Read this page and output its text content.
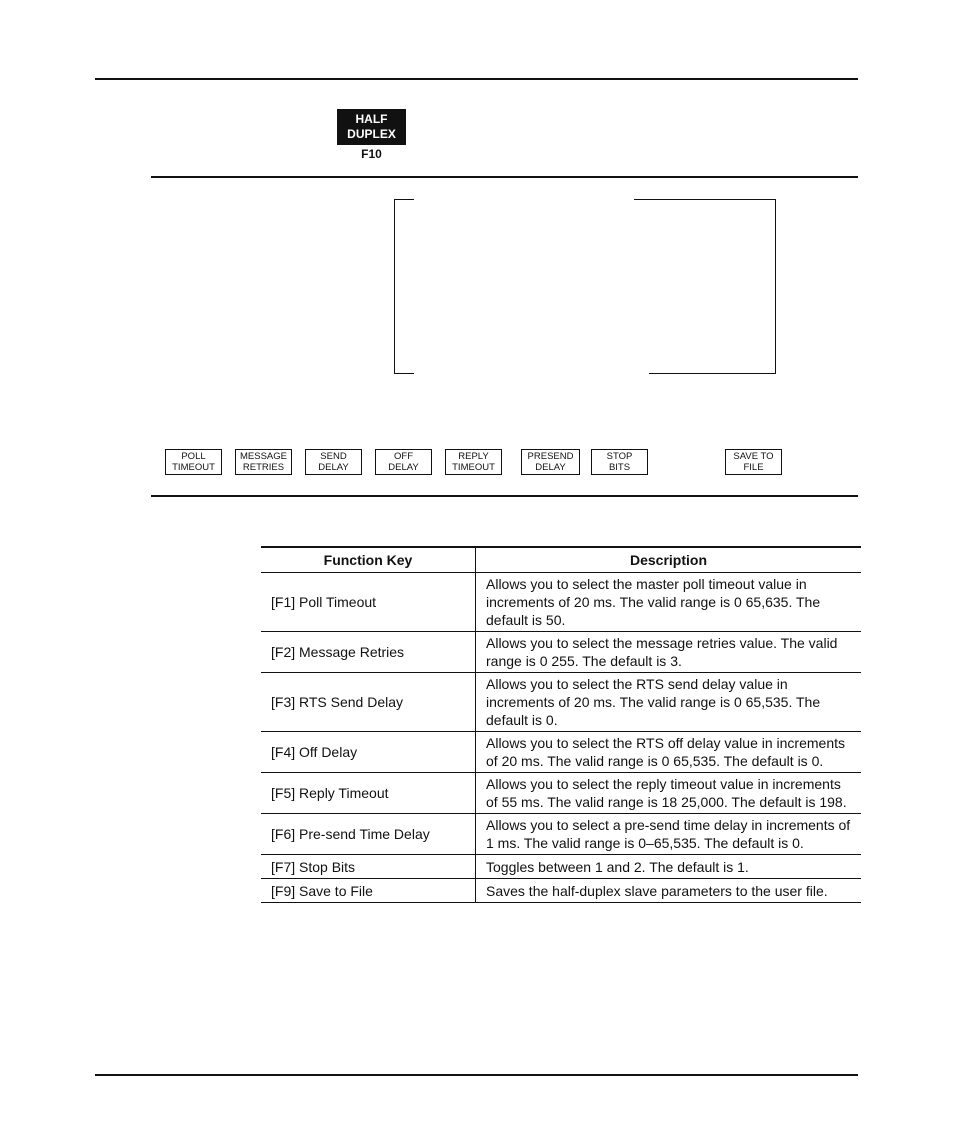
HALF
DUPLEX
F10
POLL
TIMEOUT
MESSAGE
RETRIES
SEND
DELAY
OFF
DELAY
REPLY
TIMEOUT
PRESEND
DELAY
STOP
BITS
SAVE TO
FILE
Function Key	Description
[F1] Poll Timeout	Allows you to select the master poll timeout value in increments of 20 ms. The valid range is 0 65,635. The default is 50.
[F2] Message Retries	Allows you to select the message retries value. The valid range is 0 255. The default is 3.
[F3] RTS Send Delay	Allows you to select the RTS send delay value in increments of 20 ms. The valid range is 0 65,535. The default is 0.
[F4] Off Delay	Allows you to select the RTS off delay value in increments of 20 ms. The valid range is 0 65,535. The default is 0.
[F5] Reply Timeout	Allows you to select the reply timeout value in increments of 55 ms. The valid range is 18 25,000. The default is 198.
[F6] Pre-send Time Delay	Allows you to select a pre-send time delay in increments of 1 ms. The valid range is 0–65,535. The default is 0.
[F7] Stop Bits	Toggles between 1 and 2. The default is 1.
[F9] Save to File	Saves the half-duplex slave parameters to the user file.
